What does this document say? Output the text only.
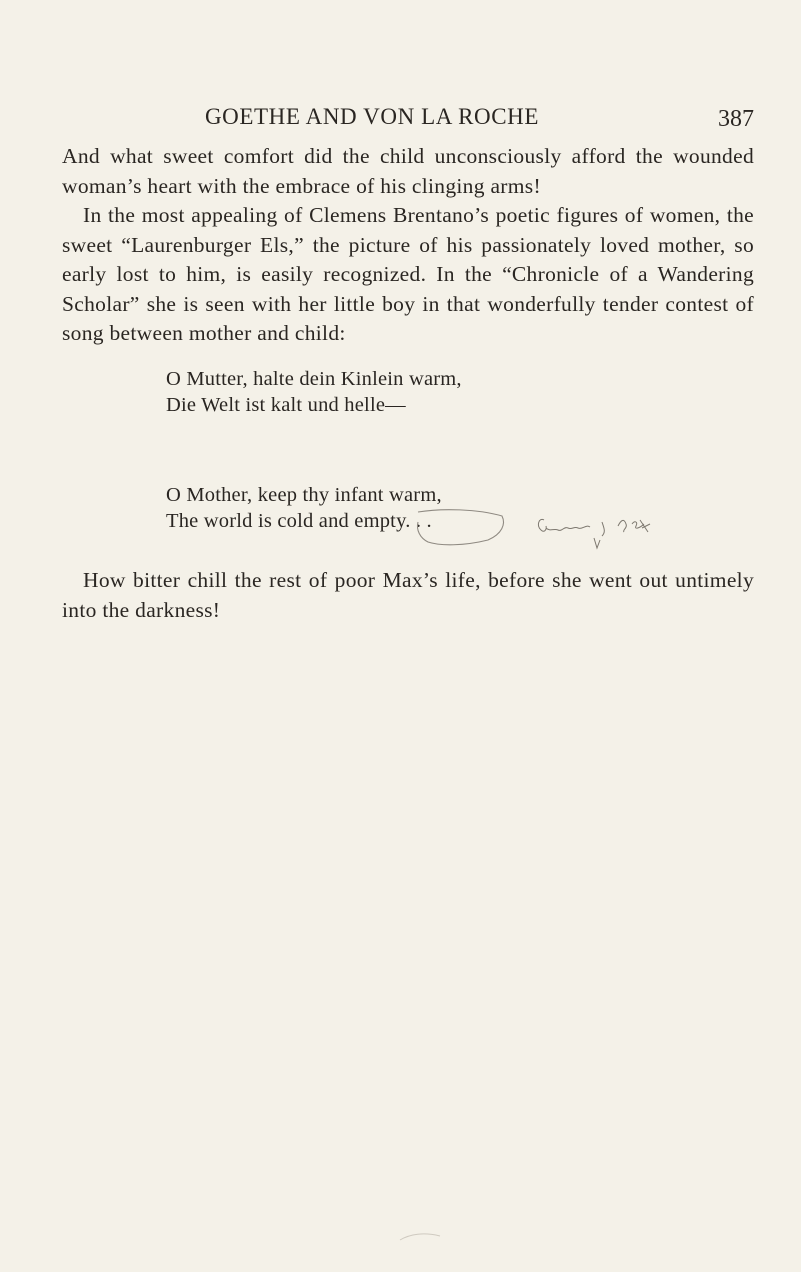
GOETHE AND VON LA ROCHE	387

And what sweet comfort did the child unconsciously afford the wounded woman’s heart with the embrace of his clinging arms!

In the most appealing of Clemens Brentano’s poetic figures of women, the sweet “Laurenburger Els,” the picture of his passionately loved mother, so early lost to him, is easily recognized. In the “Chronicle of a Wandering Scholar” she is seen with her little boy in that wonderfully tender contest of song between mother and child:

O Mutter, halte dein Kinlein warm,
Die Welt ist kalt und helle—
O Mother, keep thy infant warm,
The world is cold and empty. . .

How bitter chill the rest of poor Max’s life, before she went out untimely into the darkness!
